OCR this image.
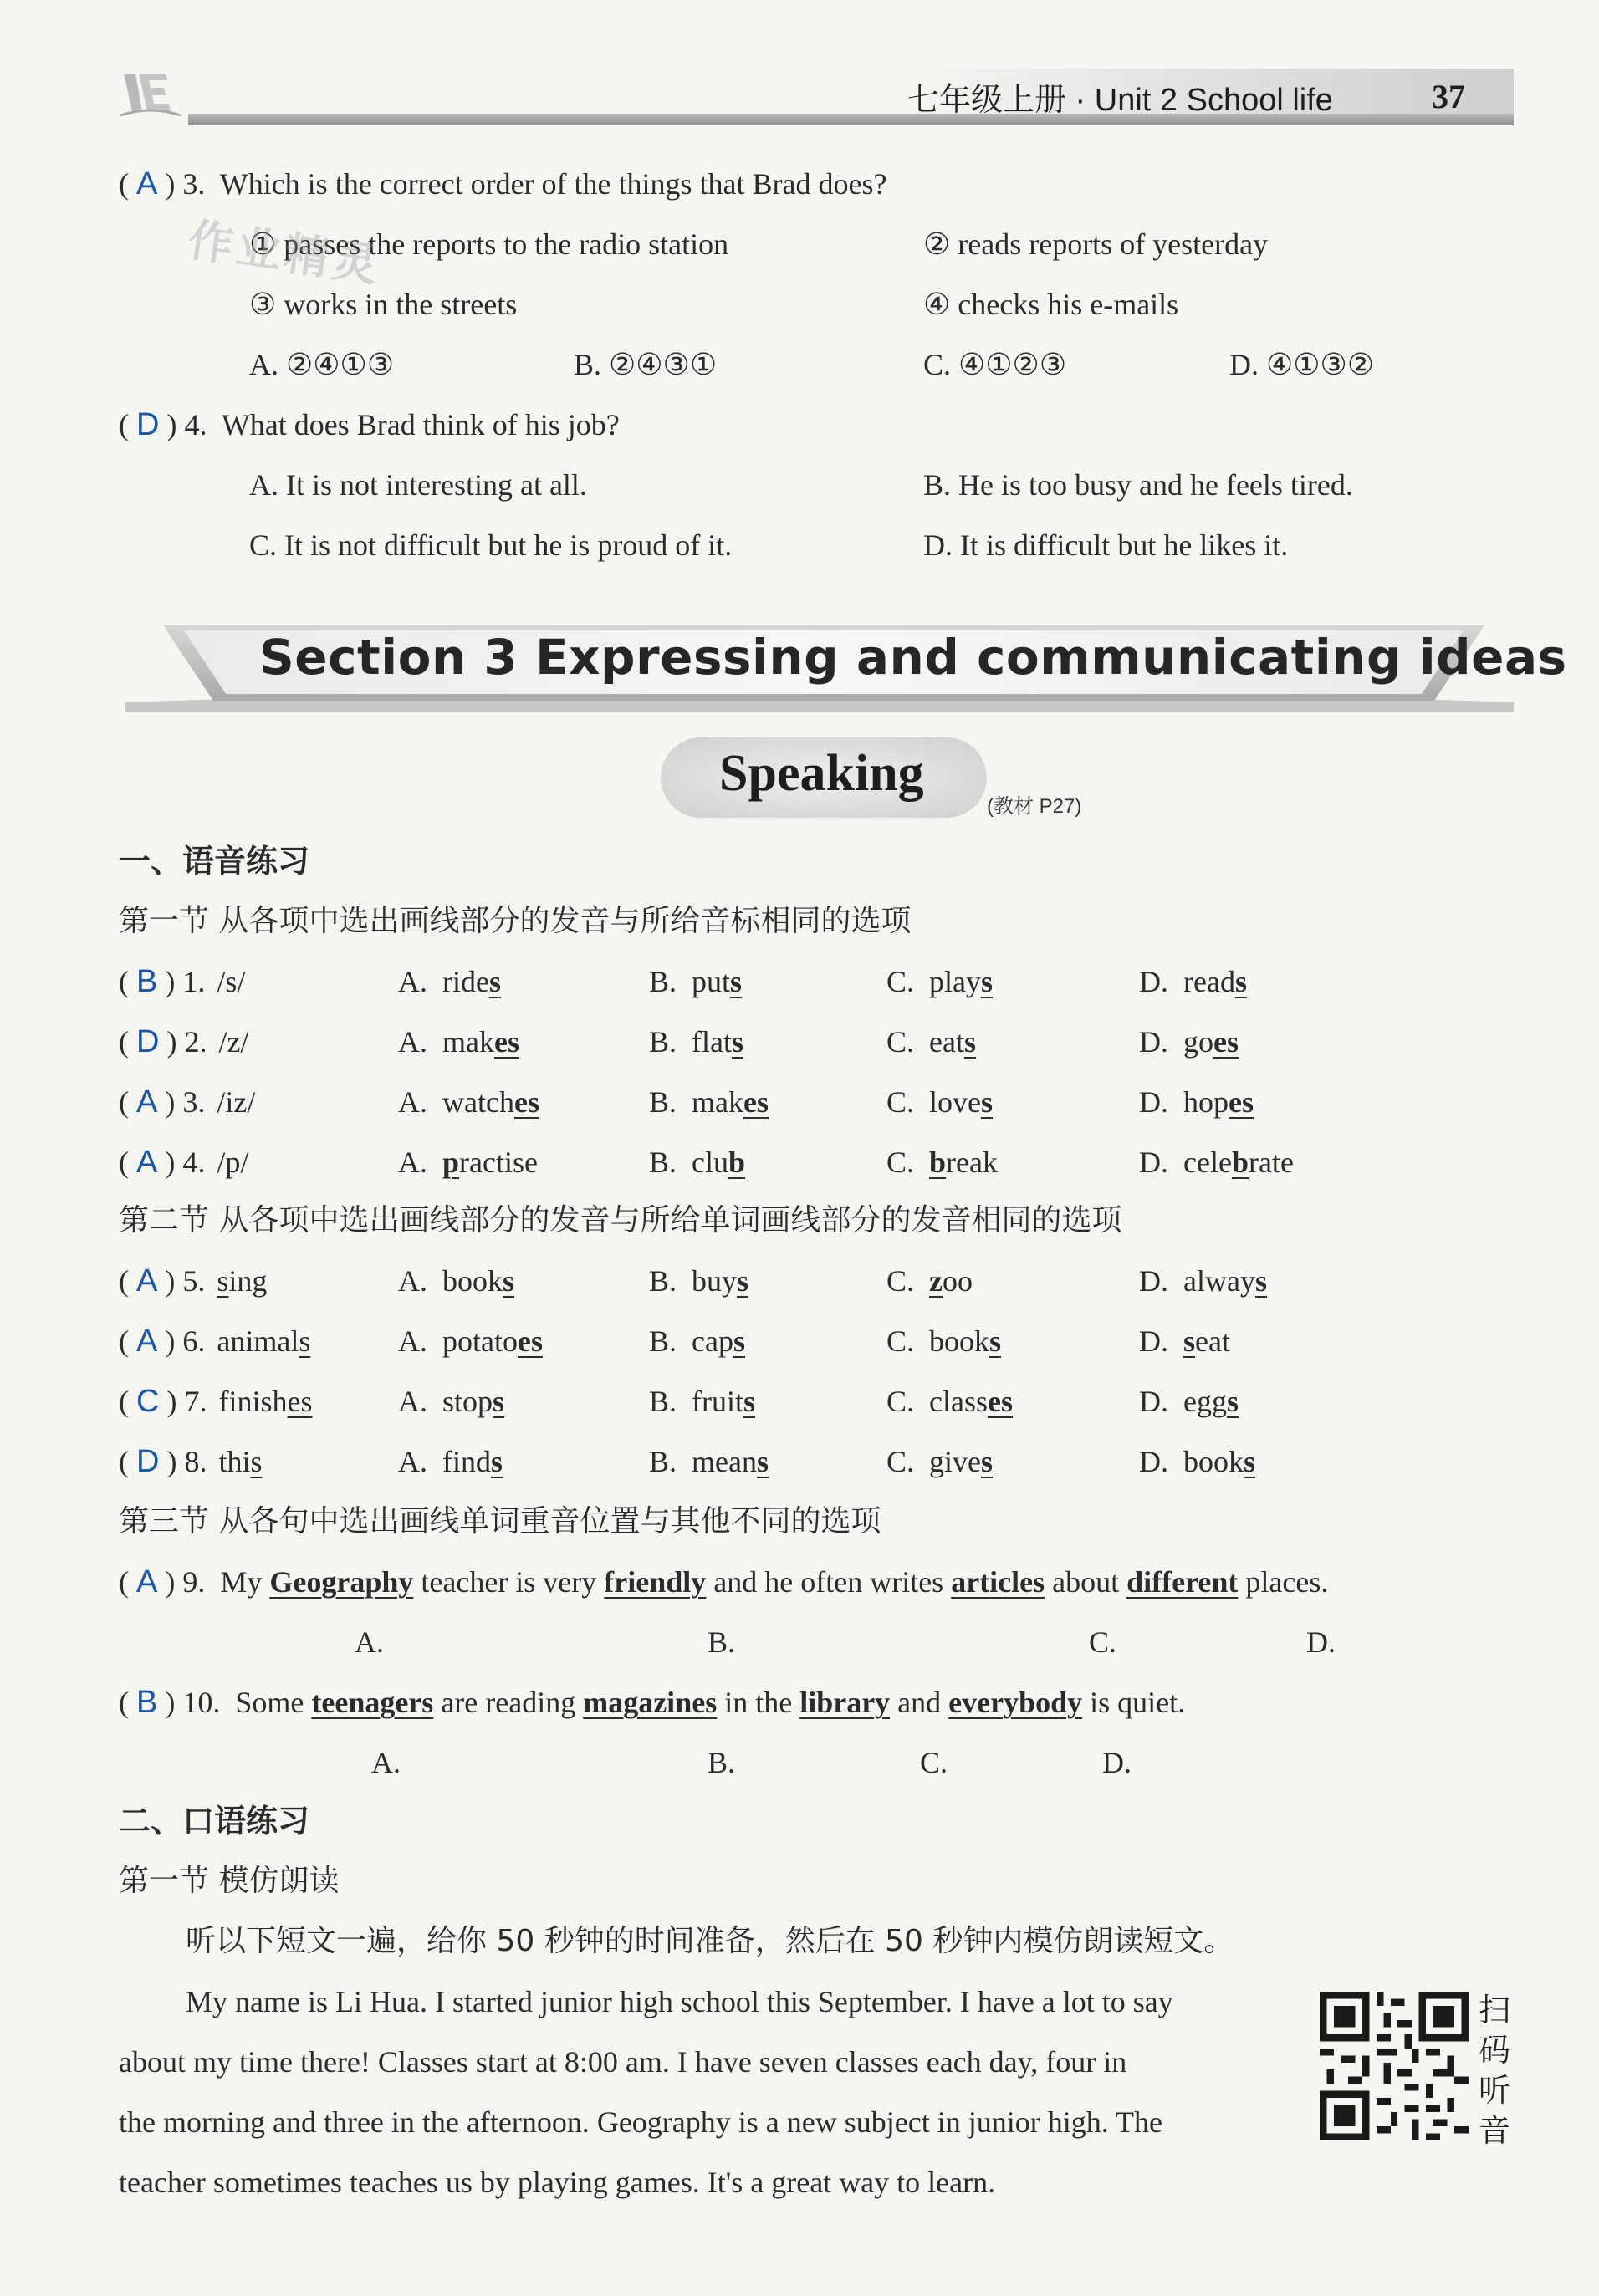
七年级上册 · Unit 2 School life	37
( A ) 3. Which is the correct order of the things that Brad does?
① passes the reports to the radio station	② reads reports of yesterday
③ works in the streets	④ checks his e-mails
A. ②④①③	B. ②④③①	C. ④①②③	D. ④①③②
( D ) 4. What does Brad think of his job?
A. It is not interesting at all.	B. He is too busy and he feels tired.
C. It is not difficult but he is proud of it.	D. It is difficult but he likes it.
作业精灵
Section 3 Expressing and communicating ideas
Speaking
(教材 P27)
一、语音练习
第一节 从各项中选出画线部分的发音与所给音标相同的选项
( B ) 1. /s/	A. rides	B. puts	C. plays	D. reads
( D ) 2. /z/	A. makes	B. flats	C. eats	D. goes
( A ) 3. /iz/	A. watches	B. makes	C. loves	D. hopes
( A ) 4. /p/	A. practise	B. club	C. break	D. celebrate
( A ) 5. sing	A. books	B. buys	C. zoo	D. always
( A ) 6. animals	A. potatoes	B. caps	C. books	D. seat
( C ) 7. finishes	A. stops	B. fruits	C. classes	D. eggs
( D ) 8. this	A. finds	B. means	C. gives	D. books
第二节 从各项中选出画线部分的发音与所给单词画线部分的发音相同的选项
第三节 从各句中选出画线单词重音位置与其他不同的选项
( A ) 9. My Geography teacher is very friendly and he often writes articles about different places.
A.	B.	C.	D.
( B ) 10. Some teenagers are reading magazines in the library and everybody is quiet.
A.	B.	C.	D.
二、口语练习
第一节 模仿朗读
听以下短文一遍，给你 50 秒钟的时间准备，然后在 50 秒钟内模仿朗读短文。
My name is Li Hua. I started junior high school this September. I have a lot to say
about my time there! Classes start at 8:00 am. I have seven classes each day, four in
the morning and three in the afternoon. Geography is a new subject in junior high. The
teacher sometimes teaches us by playing games. It's a great way to learn.
扫码听音
